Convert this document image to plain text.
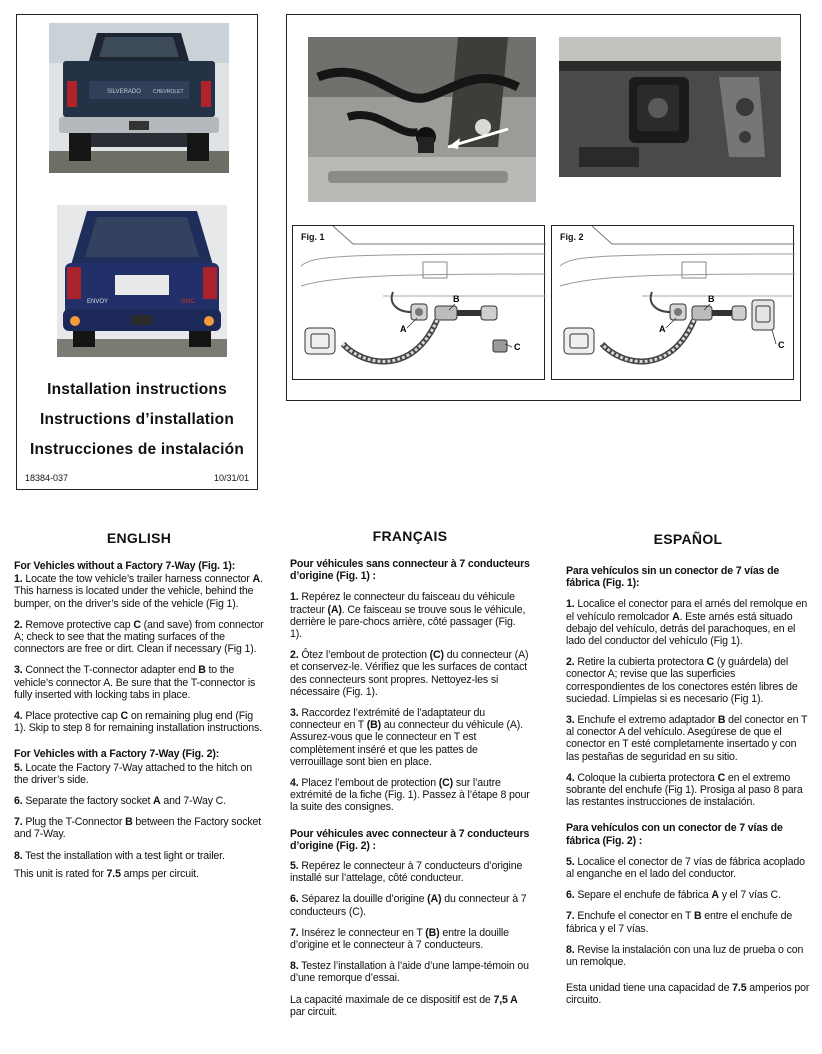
SILVERADO CHEVROLET
ENVOY	GMC
Installation instructions
Instructions d’installation
Instrucciones de instalación
18384-037	10/31/01
Fig. 1
A
B
C
Fig. 2
A
B
C
ENGLISH
For Vehicles without a Factory 7-Way (Fig. 1):

1. Locate the tow vehicle’s trailer harness connector A. This harness is located under the vehicle, behind the bumper, on the driver’s side of the vehicle (Fig 1).

2. Remove protective cap C (and save) from connector A; check to see that the mating surfaces of the connectors are free or dirt. Clean if necessary (Fig 1).

3. Connect the T-connector adapter end B to the vehicle’s connector A. Be sure that the T-connector is fully inserted with locking tabs in place.

4. Place protective cap C on remaining plug end (Fig 1). Skip to step 8 for remaining installation instructions.

For Vehicles with a Factory 7-Way (Fig. 2):

5. Locate the Factory 7-Way attached to the hitch on the driver’s side.

6. Separate the factory socket A and 7-Way C.

7. Plug the T-Connector B between the Factory socket and 7-Way.

8. Test the installation with a test light or trailer.

This unit is rated for 7.5 amps per circuit.

FRANÇAIS
Pour véhicules sans connecteur à 7 conducteurs d’origine (Fig. 1) :

1. Repérez le connecteur du faisceau du véhicule tracteur (A). Ce faisceau se trouve sous le véhicule, derrière le pare-chocs arrière, côté passager (Fig. 1).

2. Ôtez l’embout de protection (C) du connecteur (A) et conservez-le. Vérifiez que les surfaces de contact des connecteurs sont propres. Nettoyez-les si nécessaire (Fig. 1).

3. Raccordez l’extrémité de l’adaptateur du connecteur en T (B) au connecteur du véhicule (A). Assurez-vous que le connecteur en T est complètement inséré et que les pattes de verrouillage sont bien en place.

4. Placez l’embout de protection (C) sur l’autre extrémité de la fiche (Fig. 1). Passez à l’étape 8 pour la suite des consignes.

Pour véhicules avec connecteur à 7 conducteurs d’origine (Fig. 2) :

5. Repérez le connecteur à 7 conducteurs d’origine installé sur l’attelage, côté conducteur.

6. Séparez la douille d’origine (A) du connecteur à 7 conducteurs (C).

7. Insérez le connecteur en T (B) entre la douille d’origine et le connecteur à 7 conducteurs.

8. Testez l’installation à l’aide d’une lampe-témoin ou d’une remorque d’essai.

La capacité maximale de ce dispositif est de 7,5 A par circuit.

ESPAÑOL
Para vehículos sin un conector de 7 vías de fábrica (Fig. 1):

1. Localice el conector para el arnés del remolque en el vehículo remolcador A. Este arnés está situado debajo del vehículo, detrás del parachoques, en el lado del conductor del vehículo (Fig 1).

2. Retire la cubierta protectora C (y guárdela) del conector A; revise que las superficies correspondientes de los conectores estén libres de suciedad. Límpielas si es necesario (Fig 1).

3. Enchufe el extremo adaptador B del conector en T al conector A del vehículo. Asegúrese de que el conector en T esté completamente insertado y con las pestañas de seguridad en su sitio.

4. Coloque la cubierta protectora C en el extremo sobrante del enchufe (Fig 1). Prosiga al paso 8 para las restantes instrucciones de instalación.

Para vehículos con un conector de 7 vías de fábrica (Fig. 2) :

5. Localice el conector de 7 vías de fábrica acoplado al enganche en el lado del conductor.

6. Separe el enchufe de fábrica A y el 7 vías C.

7. Enchufe el conector en T B entre el enchufe de fábrica y el 7 vías.

8. Revise la instalación con una luz de prueba o con un remolque.

Esta unidad tiene una capacidad de 7.5 amperios por circuito.
